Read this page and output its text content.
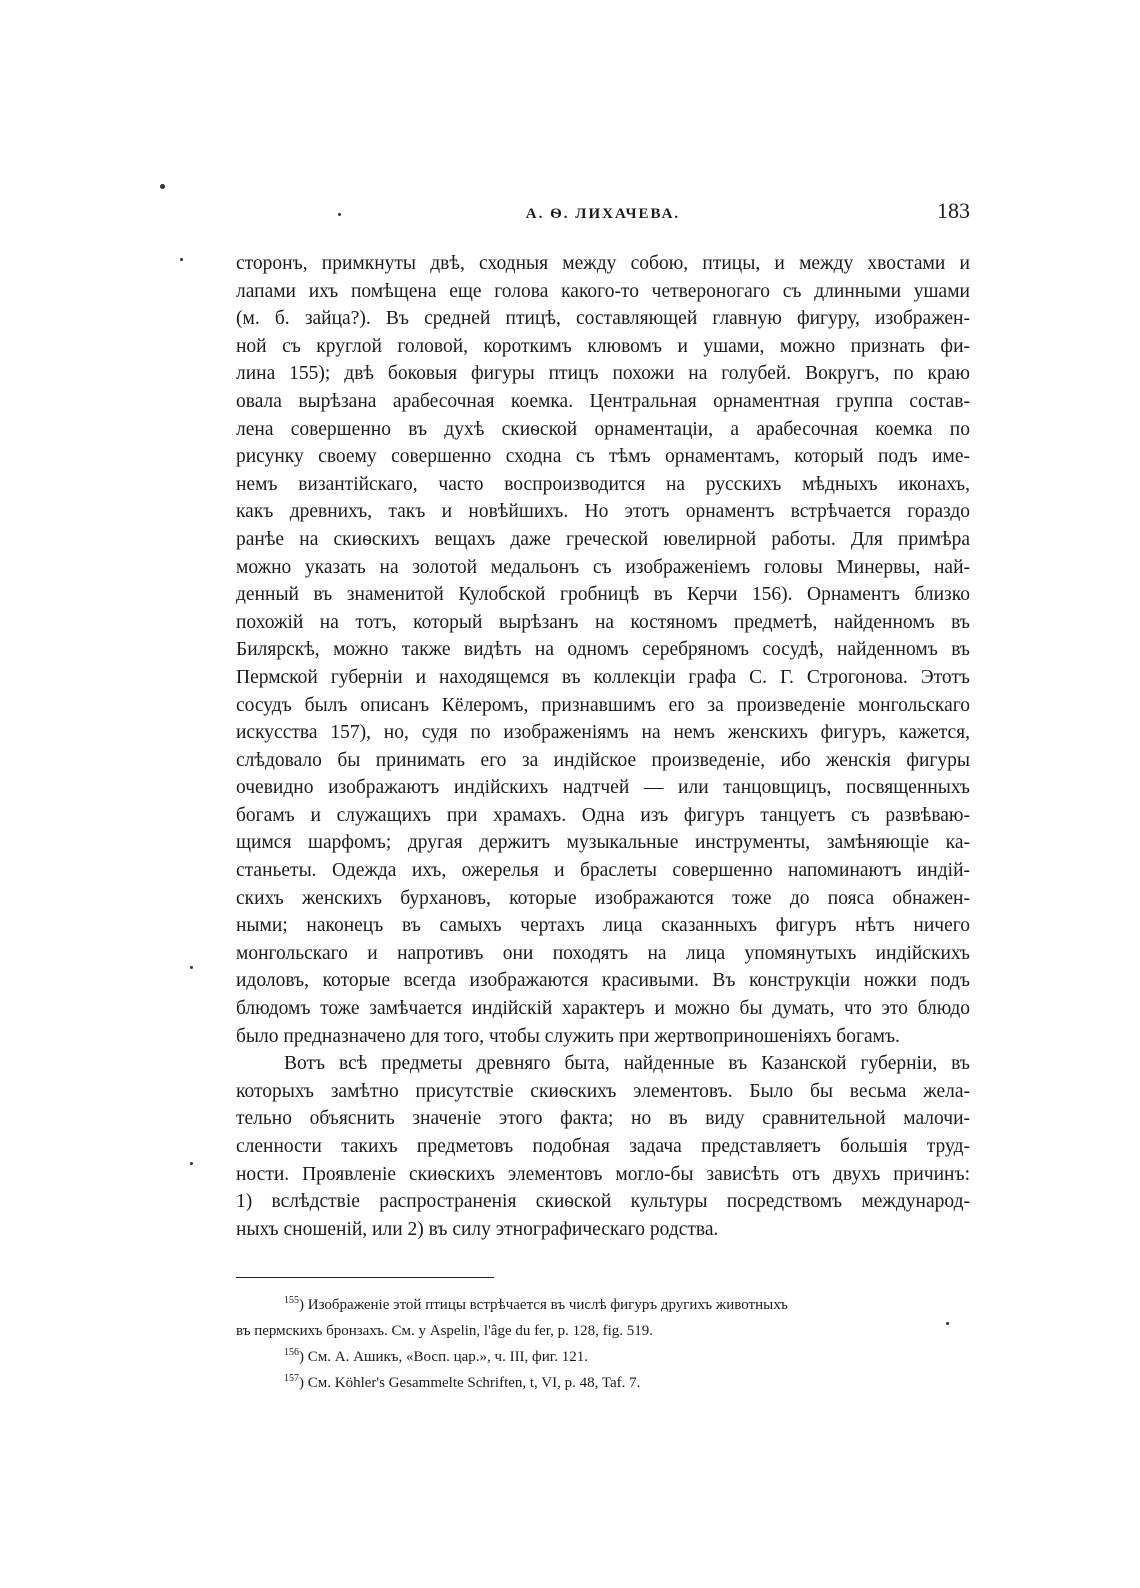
А. Ѳ. ЛИХАЧЕВА.	183
сторонъ, примкнуты двѣ, сходныя между собою, птицы, и между хвостами и
лапами ихъ помѣщена еще голова какого-то четвероногаго съ длинными ушами
(м. б. зайца?). Въ средней птицѣ, составляющей главную фигуру, изображен-
ной съ круглой головой, короткимъ клювомъ и ушами, можно признать фи-
лина 155); двѣ боковыя фигуры птицъ похожи на голубей. Вокругъ, по краю
овала вырѣзана арабесочная коемка. Центральная орнаментная группа состав-
лена совершенно въ духѣ скиѳской орнаментаціи, а арабесочная коемка по
рисунку своему совершенно сходна съ тѣмъ орнаментамъ, который подъ име-
немъ византійскаго, часто воспроизводится на русскихъ мѣдныхъ иконахъ,
какъ древнихъ, такъ и новѣйшихъ. Но этотъ орнаментъ встрѣчается гораздо
ранѣе на скиѳскихъ вещахъ даже греческой ювелирной работы. Для примѣра
можно указать на золотой медальонъ съ изображеніемъ головы Минервы, най-
денный въ знаменитой Кулобской гробницѣ въ Керчи 156). Орнаментъ близко
похожій на тотъ, который вырѣзанъ на костяномъ предметѣ, найденномъ въ
Билярскѣ, можно также видѣть на одномъ серебряномъ сосудѣ, найденномъ въ
Пермской губерніи и находящемся въ коллекціи графа С. Г. Строгонова. Этотъ
сосудъ былъ описанъ Кёлеромъ, признавшимъ его за произведеніе монгольскаго
искусства 157), но, судя по изображеніямъ на немъ женскихъ фигуръ, кажется,
слѣдовало бы принимать его за индійское произведеніе, ибо женскія фигуры
очевидно изображаютъ индійскихъ надтчей — или танцовщицъ, посвященныхъ
богамъ и служащихъ при храмахъ. Одна изъ фигуръ танцуетъ съ развѣваю-
щимся шарфомъ; другая держитъ музыкальные инструменты, замѣняющіе ка-
станьеты. Одежда ихъ, ожерелья и браслеты совершенно напоминаютъ индій-
скихъ женскихъ бурхановъ, которые изображаются тоже до пояса обнажен-
ными; наконецъ въ самыхъ чертахъ лица сказанныхъ фигуръ нѣтъ ничего
монгольскаго и напротивъ они походятъ на лица упомянутыхъ индійскихъ
идоловъ, которые всегда изображаются красивыми. Въ конструкціи ножки подъ
блюдомъ тоже замѣчается индійскій характеръ и можно бы думать, что это блюдо
было предназначено для того, чтобы служить при жертвоприношеніяхъ богамъ.
Вотъ всѣ предметы древняго быта, найденные въ Казанской губерніи, въ
которыхъ замѣтно присутствіе скиѳскихъ элементовъ. Было бы весьма жела-
тельно объяснить значеніе этого факта; но въ виду сравнительной малочи-
сленности такихъ предметовъ подобная задача представляетъ большія труд-
ности. Проявленіе скиѳскихъ элементовъ могло-бы зависѣть отъ двухъ причинъ:
1) вслѣдствіе распространенія скиѳской культуры посредствомъ международ-
ныхъ сношеній, или 2) въ силу этнографическаго родства.
$^{155}$) Изображеніе этой птицы встрѣчается въ числѣ фигуръ другихъ животныхъ
въ пермскихъ бронзахъ. См. у Aspelin, l'âge du fer, p. 128, fig. 519.
$^{156}$) См. А. Ашикъ, «Восп. цар.», ч. III, фиг. 121.
$^{157}$) См. Köhler's Gesammelte Schriften, t, VI, p. 48, Taf. 7.
